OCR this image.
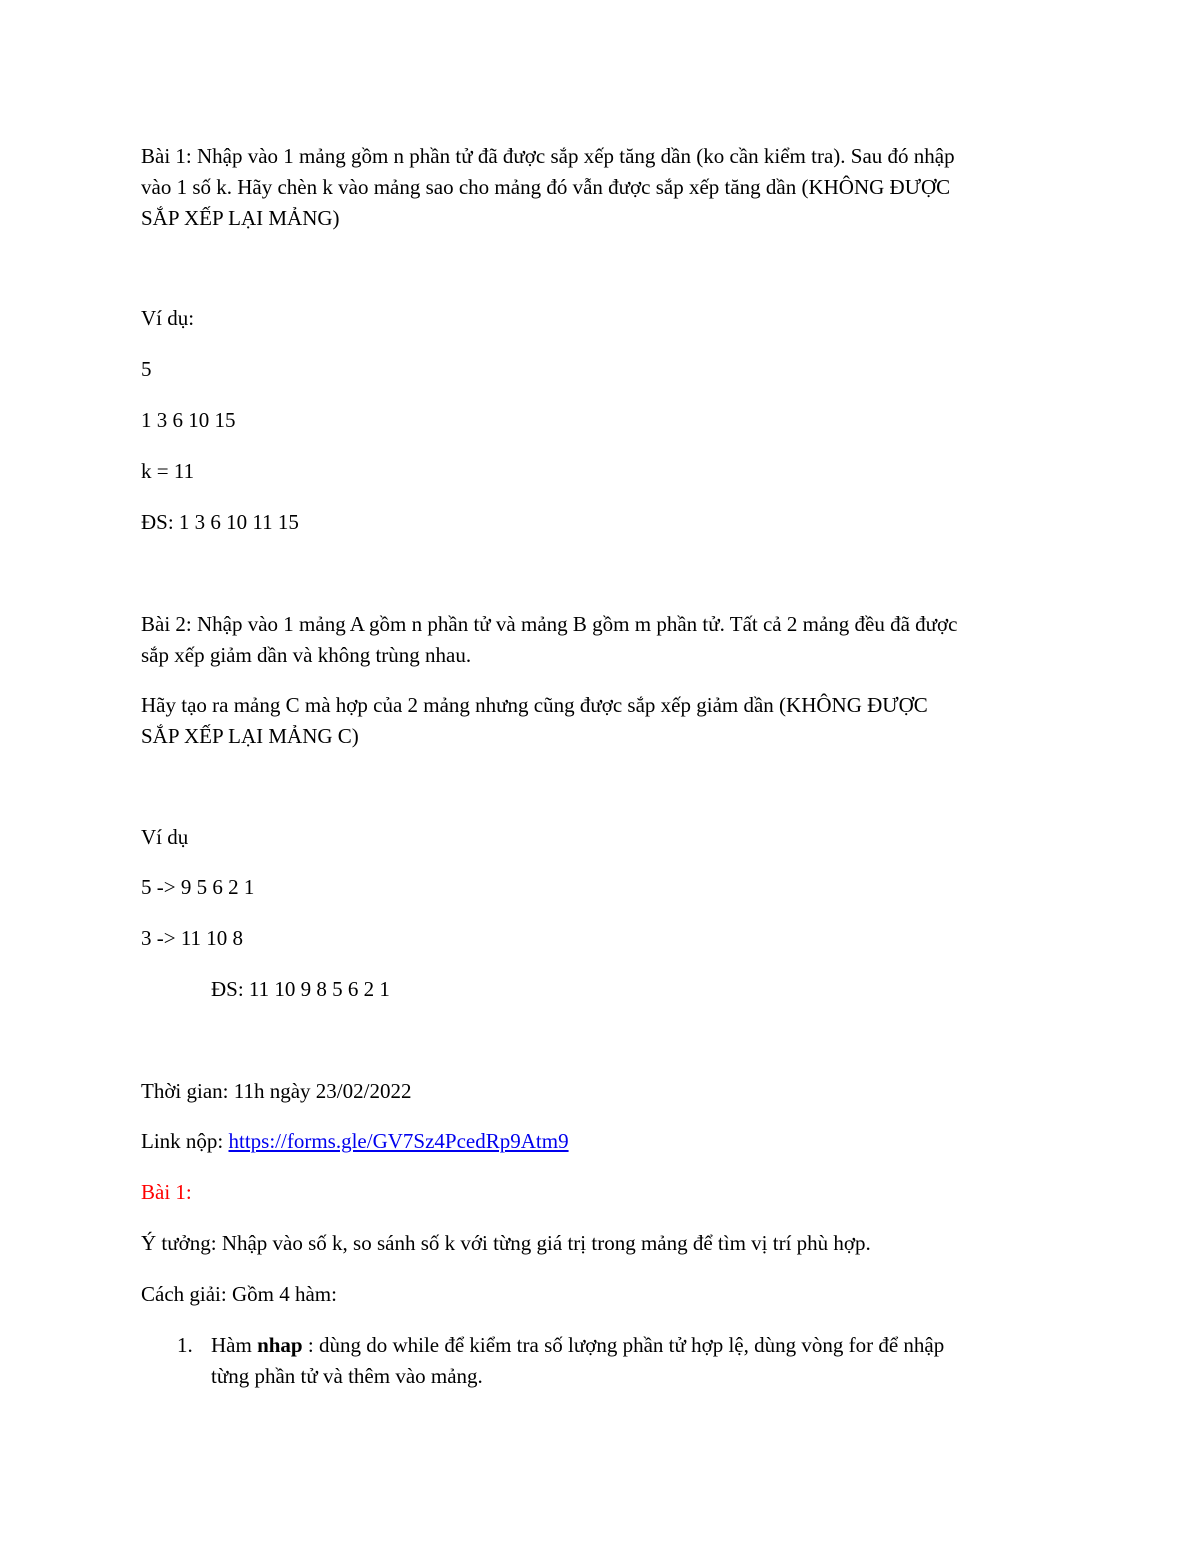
Bài 1: Nhập vào 1 mảng gồm n phần tử đã được sắp xếp tăng dần (ko cần kiểm tra). Sau đó nhập
vào 1 số k. Hãy chèn k vào mảng sao cho mảng đó vẫn được sắp xếp tăng dần (KHÔNG ĐƯỢC
SẮP XẾP LẠI MẢNG)
Ví dụ:
5
1 3 6 10 15
k = 11
ĐS: 1 3 6 10 11 15
Bài 2: Nhập vào 1 mảng A gồm n phần tử và mảng B gồm m phần tử. Tất cả 2 mảng đều đã được
sắp xếp giảm dần và không trùng nhau.
Hãy tạo ra mảng C mà hợp của 2 mảng nhưng cũng được sắp xếp giảm dần (KHÔNG ĐƯỢC
SẮP XẾP LẠI MẢNG C)
Ví dụ
5 -> 9 5 6 2 1
3 -> 11 10 8
ĐS: 11 10 9 8 5 6 2 1
Thời gian: 11h ngày 23/02/2022
Link nộp: https://forms.gle/GV7Sz4PcedRp9Atm9
Bài 1:
Ý tưởng: Nhập vào số k, so sánh số k với từng giá trị trong mảng để tìm vị trí phù hợp.
Cách giải: Gồm 4 hàm:
1. Hàm nhap : dùng do while để kiểm tra số lượng phần tử hợp lệ, dùng vòng for để nhập
từng phần tử và thêm vào mảng.
